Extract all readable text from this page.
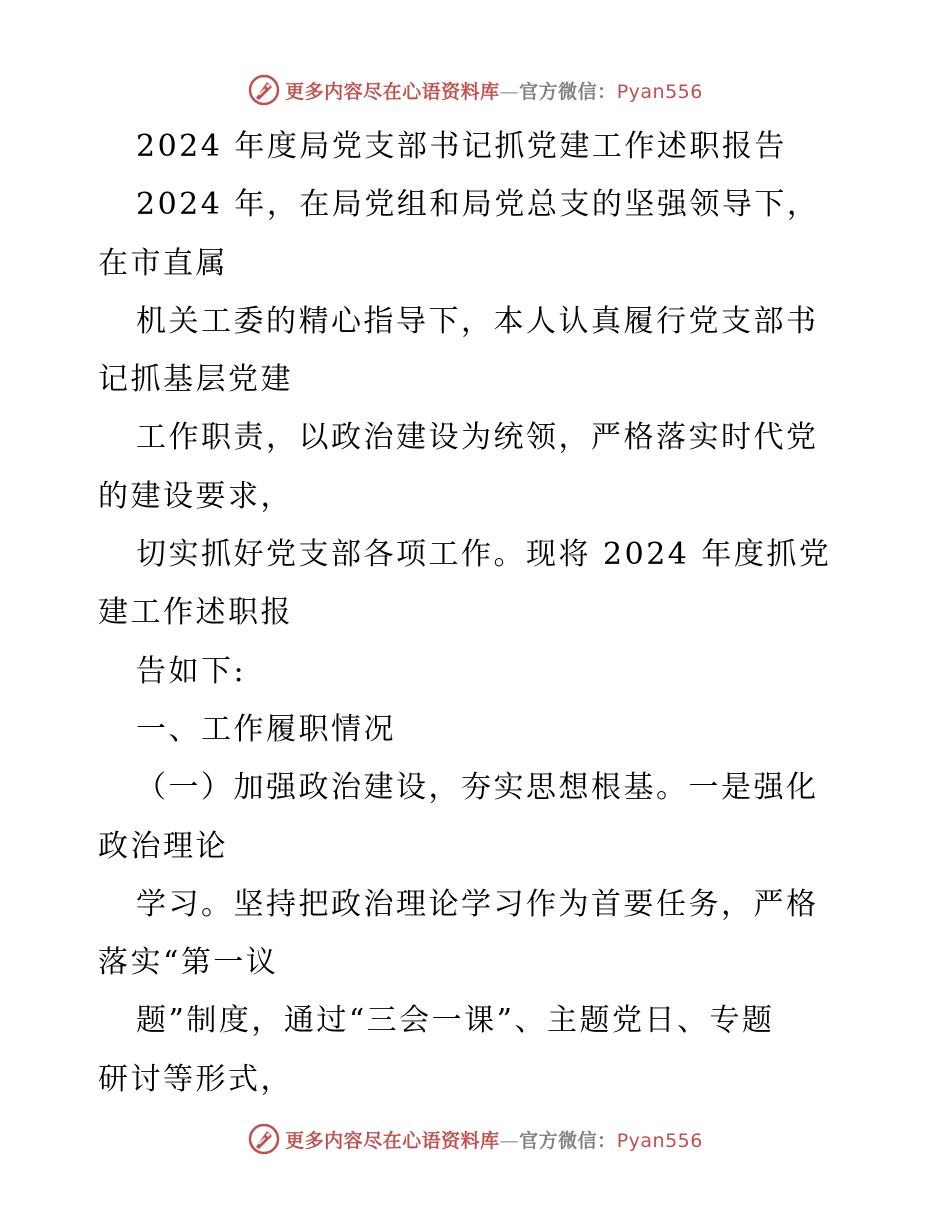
更多内容尽在心语资料库—官方微信：Pyan556
2024 年度局党支部书记抓党建工作述职报告
2024 年，在局党组和局党总支的坚强领导下，
在市直属
机关工委的精心指导下，本人认真履行党支部书
记抓基层党建
工作职责，以政治建设为统领，严格落实时代党
的建设要求，
切实抓好党支部各项工作。现将 2024 年度抓党
建工作述职报
告如下:
一、工作履职情况
（一）加强政治建设，夯实思想根基。一是强化
政治理论
学习。坚持把政治理论学习作为首要任务，严格
落实“第一议
题”制度，通过“三会一课”、主题党日、专题
研讨等形式，
更多内容尽在心语资料库—官方微信：Pyan556
